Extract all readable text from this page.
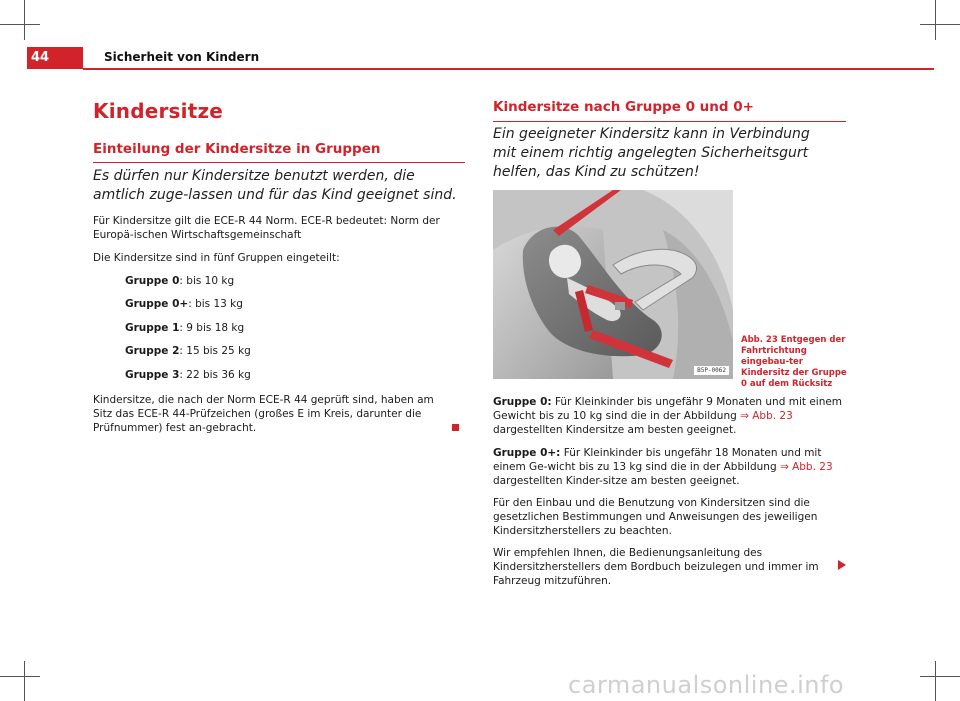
44	Sicherheit von Kindern
Kindersitze
Einteilung der Kindersitze in Gruppen

Es dürfen nur Kindersitze benutzt werden, die amtlich zuge-lassen und für das Kind geeignet sind.

Für Kindersitze gilt die ECE-R 44 Norm. ECE-R bedeutet: Norm der Europä-ischen Wirtschaftsgemeinschaft

Die Kindersitze sind in fünf Gruppen eingeteilt:

Gruppe 0: bis 10 kg

Gruppe 0+: bis 13 kg

Gruppe 1: 9 bis 18 kg

Gruppe 2: 15 bis 25 kg

Gruppe 3: 22 bis 36 kg

Kindersitze, die nach der Norm ECE-R 44 geprüft sind, haben am Sitz das ECE-R 44-Prüfzeichen (großes E im Kreis, darunter die Prüfnummer) fest an-gebracht.

Kindersitze nach Gruppe 0 und 0+

Ein geeigneter Kindersitz kann in Verbindung mit einem richtig angelegten Sicherheitsgurt helfen, das Kind zu schützen!

B5P-0062

Abb. 23 Entgegen der Fahrtrichtung eingebau-ter Kindersitz der Gruppe 0 auf dem Rücksitz

Gruppe 0: Für Kleinkinder bis ungefähr 9 Monaten und mit einem Gewicht bis zu 10 kg sind die in der Abbildung ⇒ Abb. 23 dargestellten Kindersitze am besten geeignet.

Gruppe 0+: Für Kleinkinder bis ungefähr 18 Monaten und mit einem Ge-wicht bis zu 13 kg sind die in der Abbildung ⇒ Abb. 23 dargestellten Kinder-sitze am besten geeignet.

Für den Einbau und die Benutzung von Kindersitzen sind die gesetzlichen Bestimmungen und Anweisungen des jeweiligen Kindersitzherstellers zu beachten.

Wir empfehlen Ihnen, die Bedienungsanleitung des Kindersitzherstellers dem Bordbuch beizulegen und immer im Fahrzeug mitzuführen.

carmanualsonline.info
